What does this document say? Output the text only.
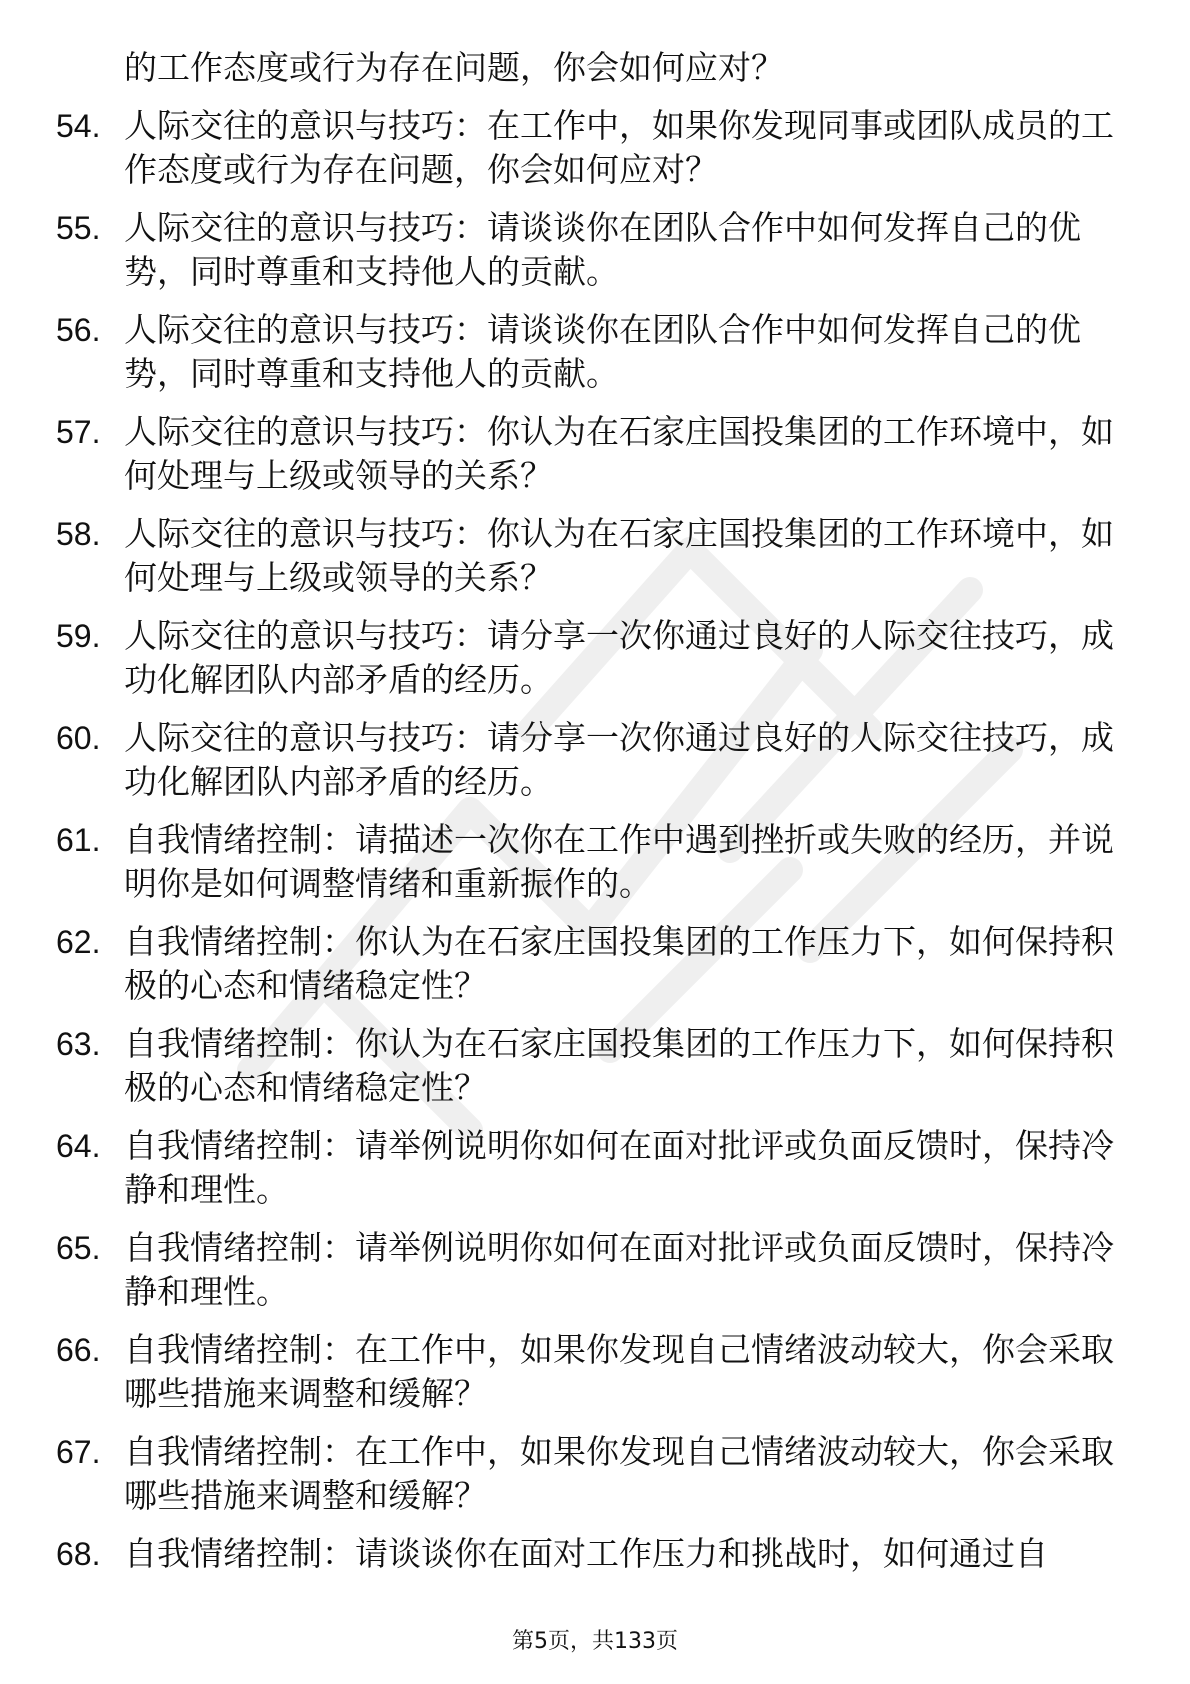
的工作态度或行为存在问题，你会如何应对？
54. 人际交往的意识与技巧：在工作中，如果你发现同事或团队成员的工作态度或行为存在问题，你会如何应对？
55. 人际交往的意识与技巧：请谈谈你在团队合作中如何发挥自己的优势，同时尊重和支持他人的贡献。
56. 人际交往的意识与技巧：请谈谈你在团队合作中如何发挥自己的优势，同时尊重和支持他人的贡献。
57. 人际交往的意识与技巧：你认为在石家庄国投集团的工作环境中，如何处理与上级或领导的关系？
58. 人际交往的意识与技巧：你认为在石家庄国投集团的工作环境中，如何处理与上级或领导的关系？
59. 人际交往的意识与技巧：请分享一次你通过良好的人际交往技巧，成功化解团队内部矛盾的经历。
60. 人际交往的意识与技巧：请分享一次你通过良好的人际交往技巧，成功化解团队内部矛盾的经历。
61. 自我情绪控制：请描述一次你在工作中遇到挫折或失败的经历，并说明你是如何调整情绪和重新振作的。
62. 自我情绪控制：你认为在石家庄国投集团的工作压力下，如何保持积极的心态和情绪稳定性？
63. 自我情绪控制：你认为在石家庄国投集团的工作压力下，如何保持积极的心态和情绪稳定性？
64. 自我情绪控制：请举例说明你如何在面对批评或负面反馈时，保持冷静和理性。
65. 自我情绪控制：请举例说明你如何在面对批评或负面反馈时，保持冷静和理性。
66. 自我情绪控制：在工作中，如果你发现自己情绪波动较大，你会采取哪些措施来调整和缓解？
67. 自我情绪控制：在工作中，如果你发现自己情绪波动较大，你会采取哪些措施来调整和缓解？
68. 自我情绪控制：请谈谈你在面对工作压力和挑战时，如何通过自
第5页，共133页
